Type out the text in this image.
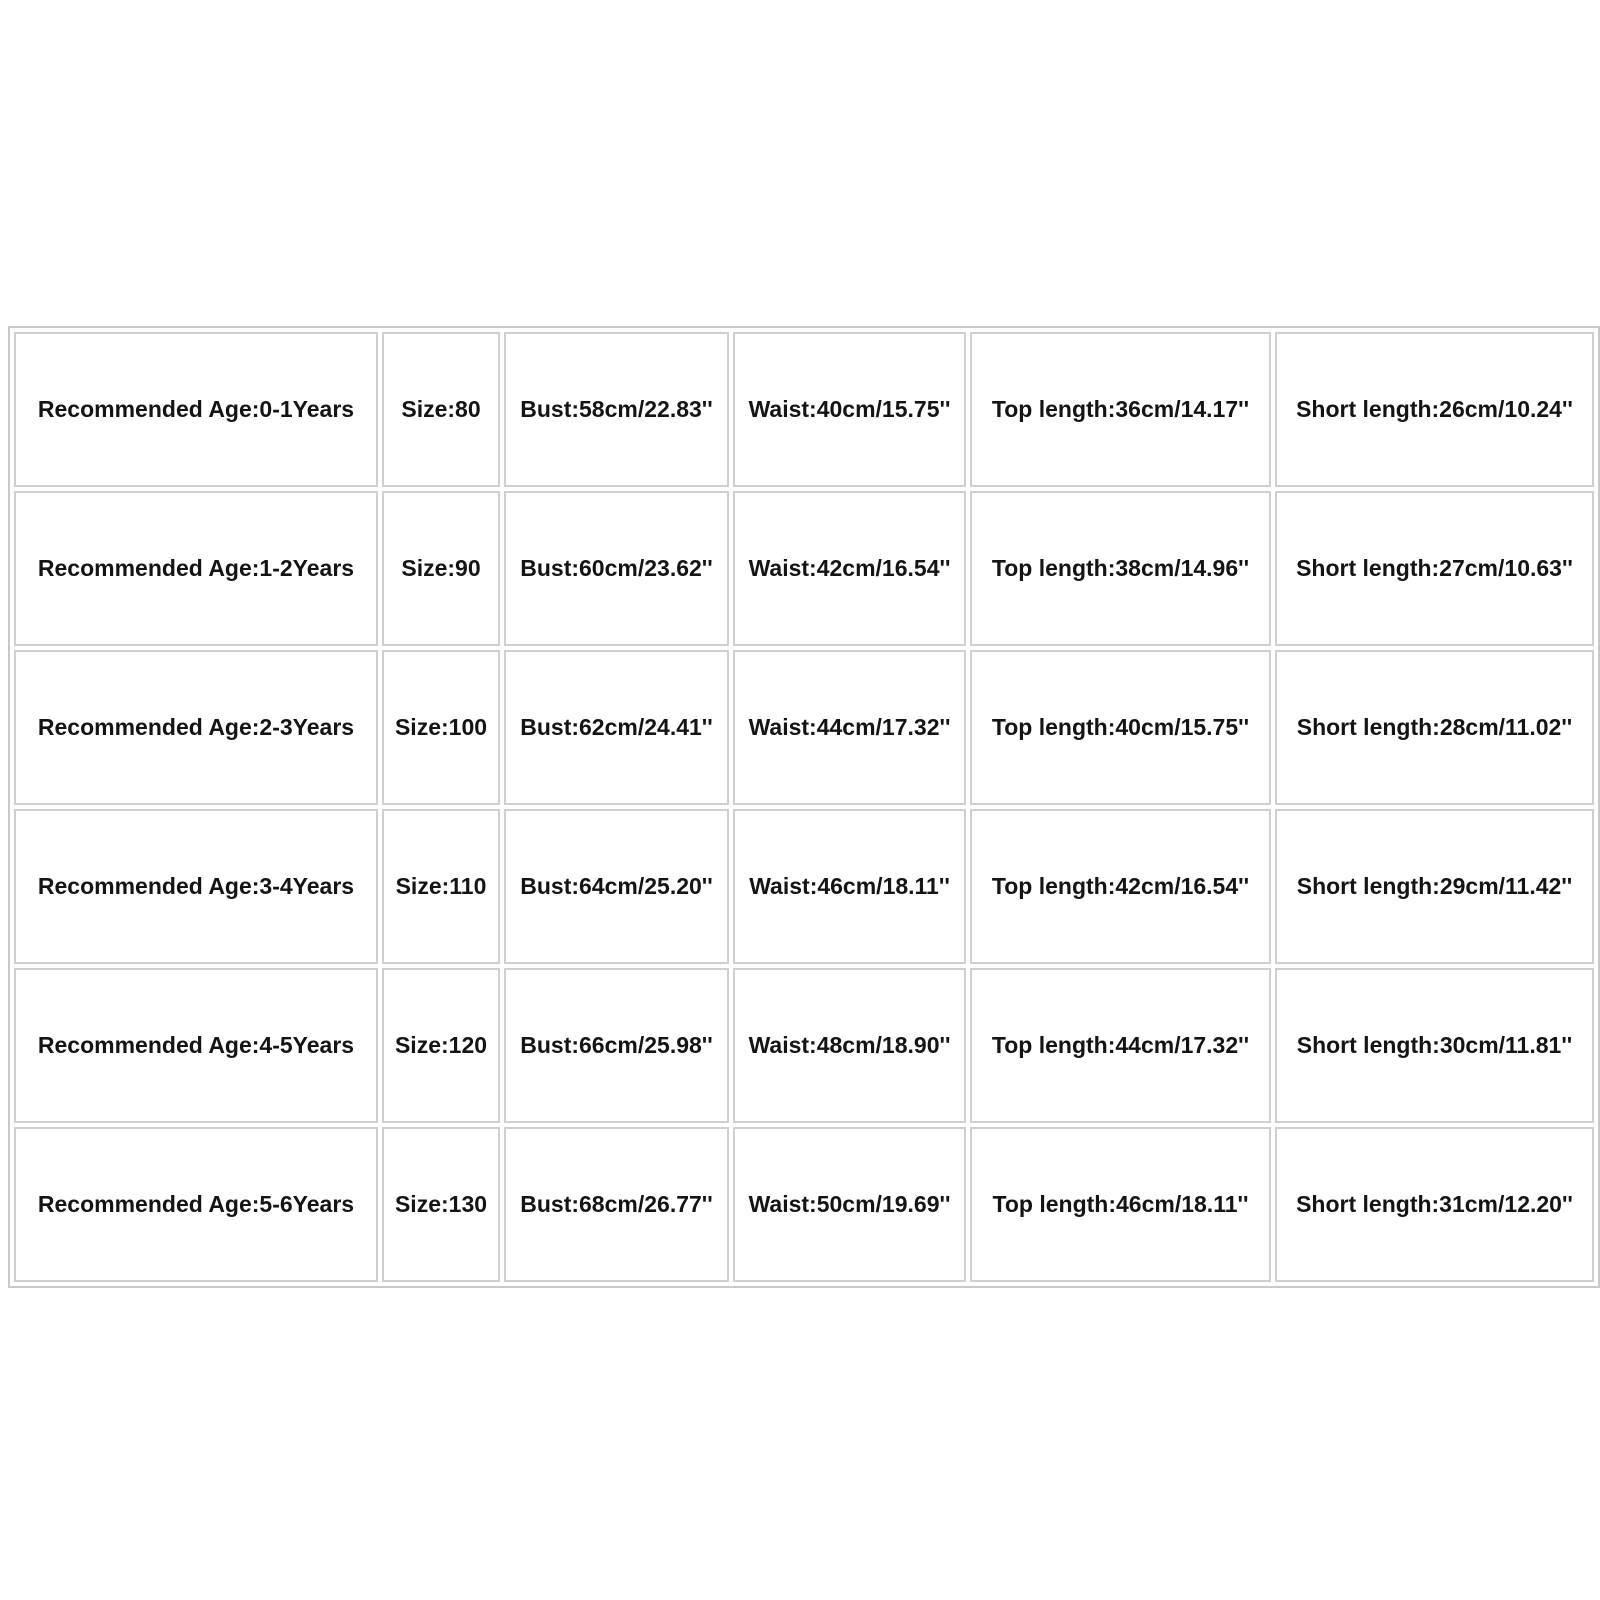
Recommended Age:0-1Years	Size:80	Bust:58cm/22.83''	Waist:40cm/15.75''	Top length:36cm/14.17''	Short length:26cm/10.24''
Recommended Age:1-2Years	Size:90	Bust:60cm/23.62''	Waist:42cm/16.54''	Top length:38cm/14.96''	Short length:27cm/10.63''
Recommended Age:2-3Years	Size:100	Bust:62cm/24.41''	Waist:44cm/17.32''	Top length:40cm/15.75''	Short length:28cm/11.02''
Recommended Age:3-4Years	Size:110	Bust:64cm/25.20''	Waist:46cm/18.11''	Top length:42cm/16.54''	Short length:29cm/11.42''
Recommended Age:4-5Years	Size:120	Bust:66cm/25.98''	Waist:48cm/18.90''	Top length:44cm/17.32''	Short length:30cm/11.81''
Recommended Age:5-6Years	Size:130	Bust:68cm/26.77''	Waist:50cm/19.69''	Top length:46cm/18.11''	Short length:31cm/12.20''
